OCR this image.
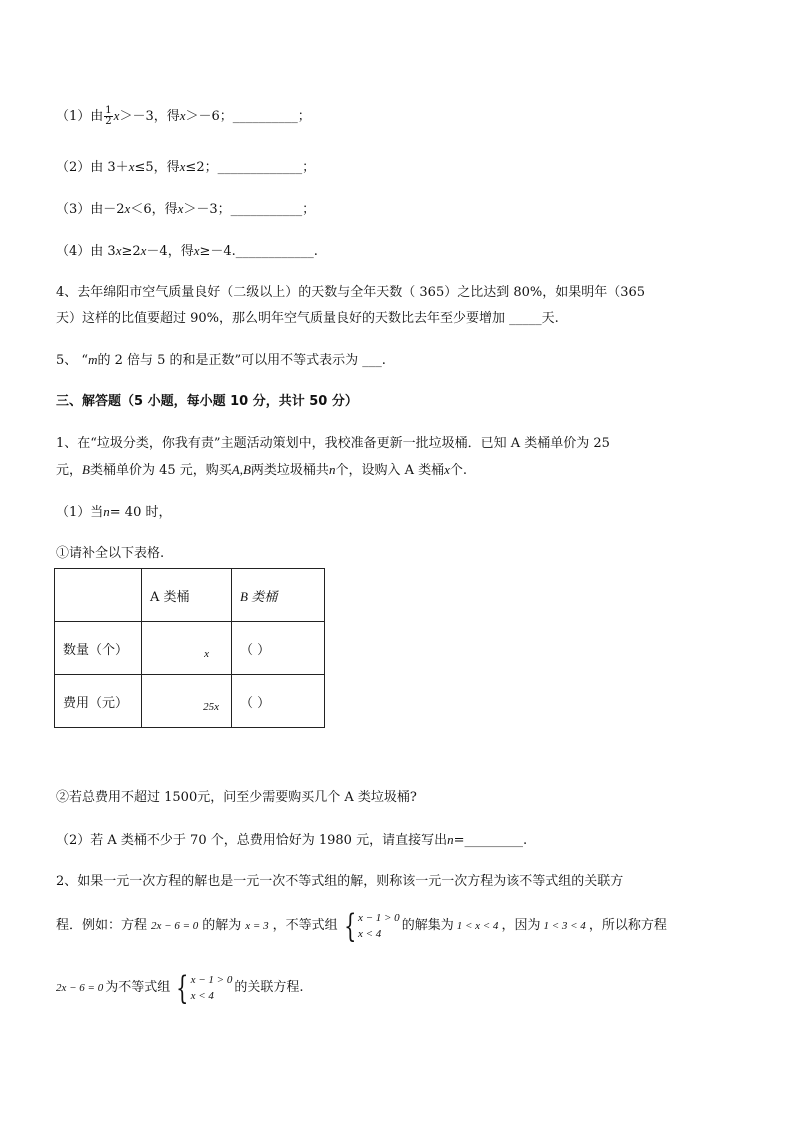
（1）由 $\frac{1}{2} x>-3$，得x＞－6；__________；
（2）由 3＋x≤5，得x≤2；_____________；
（3）由－2x＜6，得x＞－3；___________；
（4）由 3x≥2x－4，得x≥－4.____________.
4、去年绵阳市空气质量良好（二级以上）的天数与全年天数（ 365）之比达到 80%，如果明年（365
天）这样的比值要超过 90%，那么明年空气质量良好的天数比去年至少要增加 _____天.
5、 “m的 2 倍与 5 的和是正数”可以用不等式表示为 ___.
三、解答题（5 小题，每小题 10 分，共计 50 分）
1、在“垃圾分类，你我有责”主题活动策划中，我校准备更新一批垃圾桶．已知 A 类桶单价为 25
元，B类桶单价为 45 元，购买A,B两类垃圾桶共n个，设购入 A 类桶x个.
（1）当n= 40 时，
①请补全以下表格.
	A 类桶	B 类桶
数量（个）	x	（ ）
费用（元）	25x	（ ）
②若总费用不超过 1500元，问至少需要购买几个 A 类垃圾桶?
（2）若 A 类桶不少于 70 个，总费用恰好为 1980 元，请直接写出n=_________.
2、如果一元一次方程的解也是一元一次不等式组的解，则称该一元一次方程为该不等式组的关联方
程．例如：方程 2x − 6 = 0 的解为 x = 3 ，不等式组 { x − 1 > 0
x < 4
的解集为 1 < x < 4 ，因为 1 < 3 < 4 ，所以称方程
2x − 6 = 0 为不等式组 { x − 1 > 0
x < 4
的关联方程.
